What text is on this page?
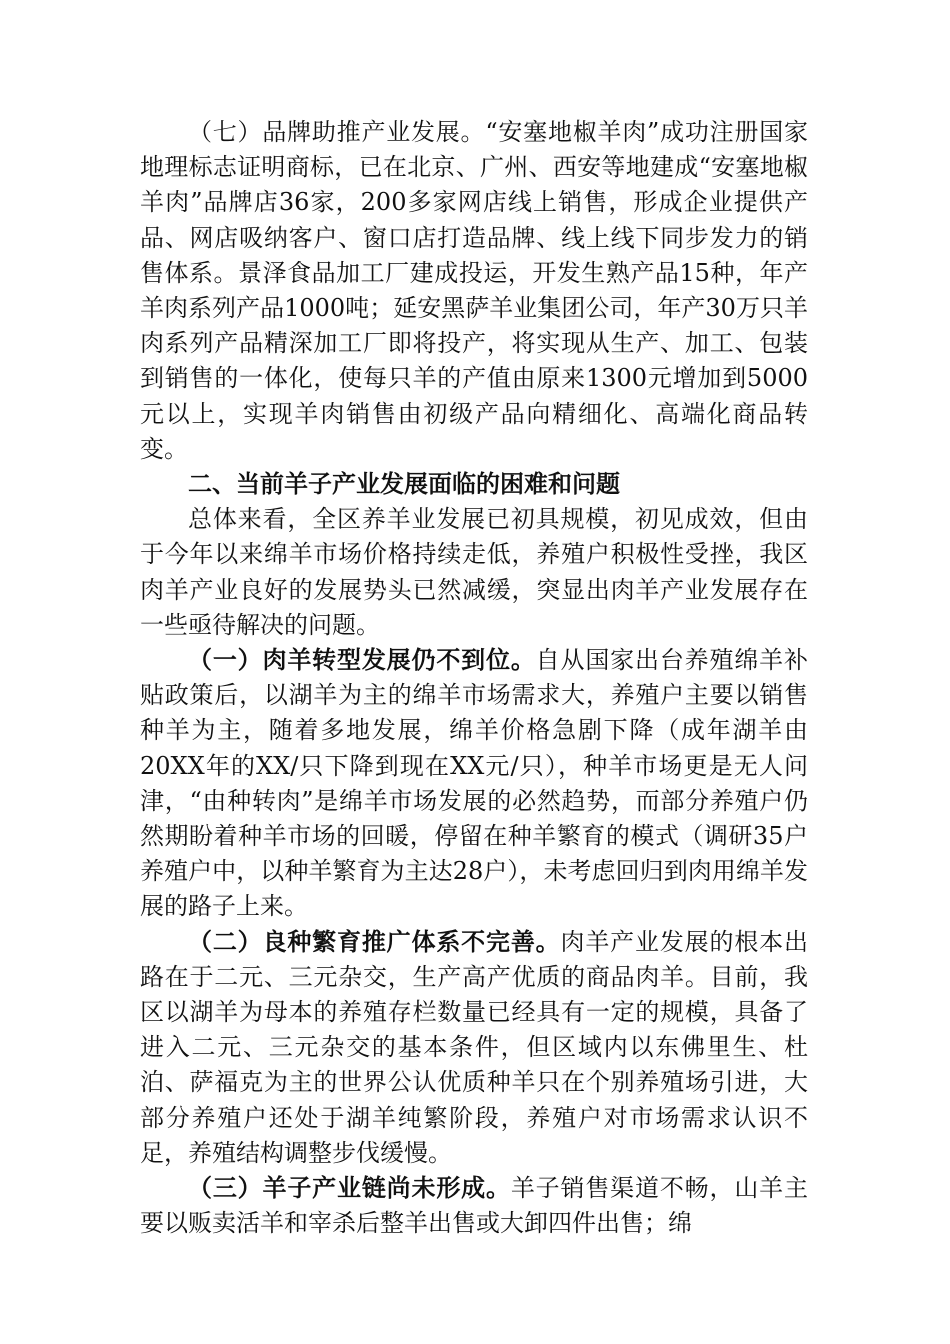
（七）品牌助推产业发展。“安塞地椒羊肉”成功注册国家地理标志证明商标，已在北京、广州、西安等地建成“安塞地椒羊肉”品牌店36家，200多家网店线上销售，形成企业提供产品、网店吸纳客户、窗口店打造品牌、线上线下同步发力的销售体系。景泽食品加工厂建成投运，开发生熟产品15种，年产羊肉系列产品1000吨；延安黑萨羊业集团公司，年产30万只羊肉系列产品精深加工厂即将投产，将实现从生产、加工、包装到销售的一体化，使每只羊的产值由原来1300元增加到5000元以上，实现羊肉销售由初级产品向精细化、高端化商品转变。

二、当前羊子产业发展面临的困难和问题

总体来看，全区养羊业发展已初具规模，初见成效，但由于今年以来绵羊市场价格持续走低，养殖户积极性受挫，我区肉羊产业良好的发展势头已然减缓，突显出肉羊产业发展存在一些亟待解决的问题。

（一）肉羊转型发展仍不到位。自从国家出台养殖绵羊补贴政策后，以湖羊为主的绵羊市场需求大，养殖户主要以销售种羊为主，随着多地发展，绵羊价格急剧下降（成年湖羊由20XX年的XX/只下降到现在XX元/只），种羊市场更是无人问津，“由种转肉”是绵羊市场发展的必然趋势，而部分养殖户仍然期盼着种羊市场的回暖，停留在种羊繁育的模式（调研35户养殖户中，以种羊繁育为主达28户），未考虑回归到肉用绵羊发展的路子上来。

（二）良种繁育推广体系不完善。肉羊产业发展的根本出路在于二元、三元杂交，生产高产优质的商品肉羊。目前，我区以湖羊为母本的养殖存栏数量已经具有一定的规模，具备了进入二元、三元杂交的基本条件，但区域内以东佛里生、杜泊、萨福克为主的世界公认优质种羊只在个别养殖场引进，大部分养殖户还处于湖羊纯繁阶段，养殖户对市场需求认识不足，养殖结构调整步伐缓慢。

（三）羊子产业链尚未形成。羊子销售渠道不畅，山羊主要以贩卖活羊和宰杀后整羊出售或大卸四件出售；绵
